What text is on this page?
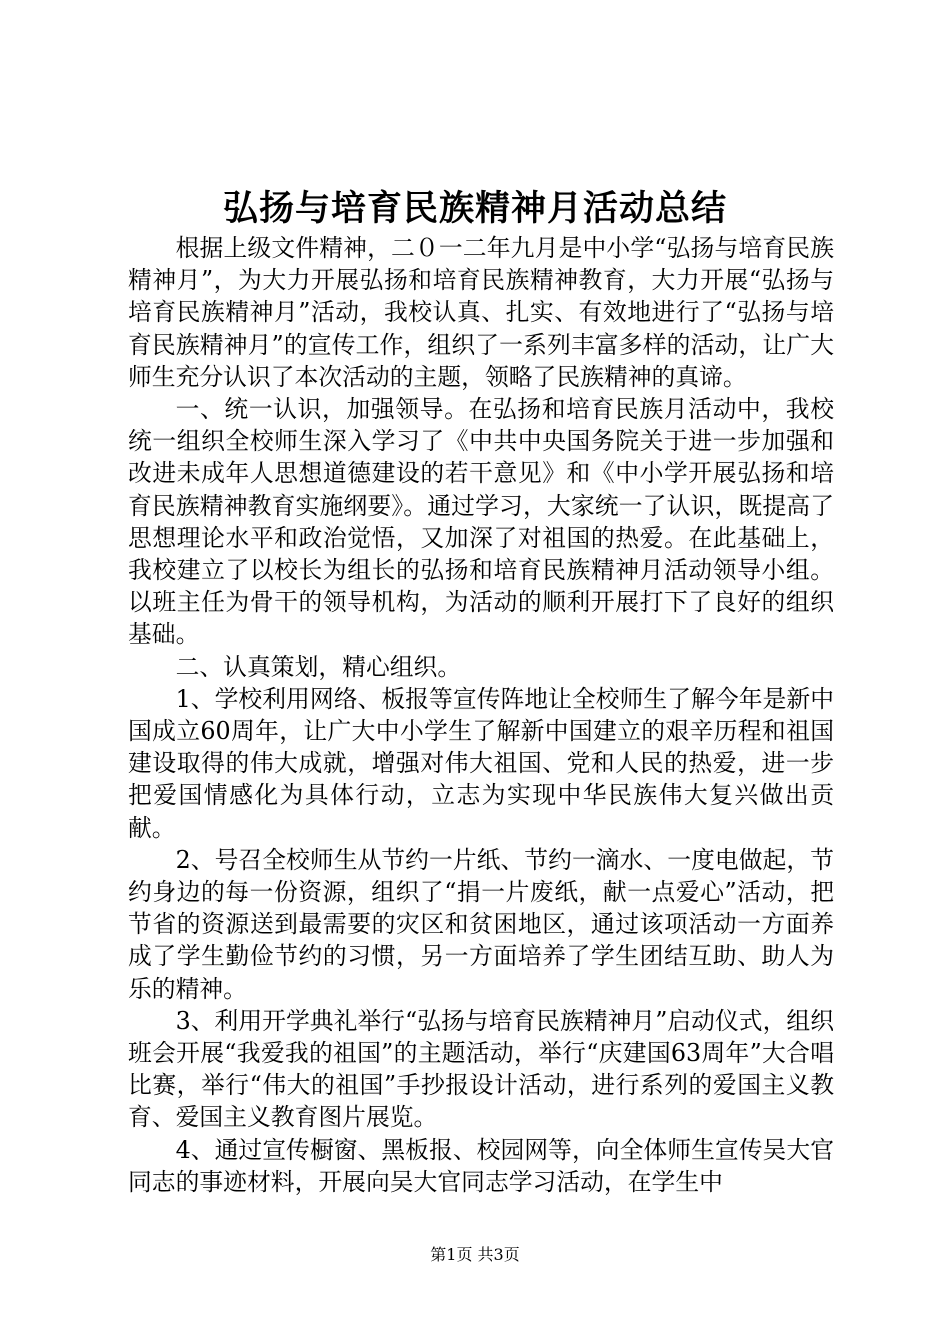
弘扬与培育民族精神月活动总结

根据上级文件精神，二０一二年九月是中小学“弘扬与培育民族精神月”，为大力开展弘扬和培育民族精神教育，大力开展“弘扬与培育民族精神月”活动，我校认真、扎实、有效地进行了“弘扬与培育民族精神月”的宣传工作，组织了一系列丰富多样的活动，让广大师生充分认识了本次活动的主题，领略了民族精神的真谛。

一、统一认识，加强领导。在弘扬和培育民族月活动中，我校统一组织全校师生深入学习了《中共中央国务院关于进一步加强和改进未成年人思想道德建设的若干意见》和《中小学开展弘扬和培育民族精神教育实施纲要》。通过学习，大家统一了认识，既提高了思想理论水平和政治觉悟，又加深了对祖国的热爱。在此基础上，我校建立了以校长为组长的弘扬和培育民族精神月活动领导小组。以班主任为骨干的领导机构，为活动的顺利开展打下了良好的组织基础。

二、认真策划，精心组织。

1、学校利用网络、板报等宣传阵地让全校师生了解今年是新中国成立60周年，让广大中小学生了解新中国建立的艰辛历程和祖国建设取得的伟大成就，增强对伟大祖国、党和人民的热爱，进一步把爱国情感化为具体行动，立志为实现中华民族伟大复兴做出贡献。

2、号召全校师生从节约一片纸、节约一滴水、一度电做起，节约身边的每一份资源，组织了“捐一片废纸，献一点爱心”活动，把节省的资源送到最需要的灾区和贫困地区，通过该项活动一方面养成了学生勤俭节约的习惯，另一方面培养了学生团结互助、助人为乐的精神。

3、利用开学典礼举行“弘扬与培育民族精神月”启动仪式，组织班会开展“我爱我的祖国”的主题活动，举行“庆建国63周年”大合唱比赛，举行“伟大的祖国”手抄报设计活动，进行系列的爱国主义教育、爱国主义教育图片展览。

4、通过宣传橱窗、黑板报、校园网等，向全体师生宣传吴大官同志的事迹材料，开展向吴大官同志学习活动，在学生中

第1页 共3页
